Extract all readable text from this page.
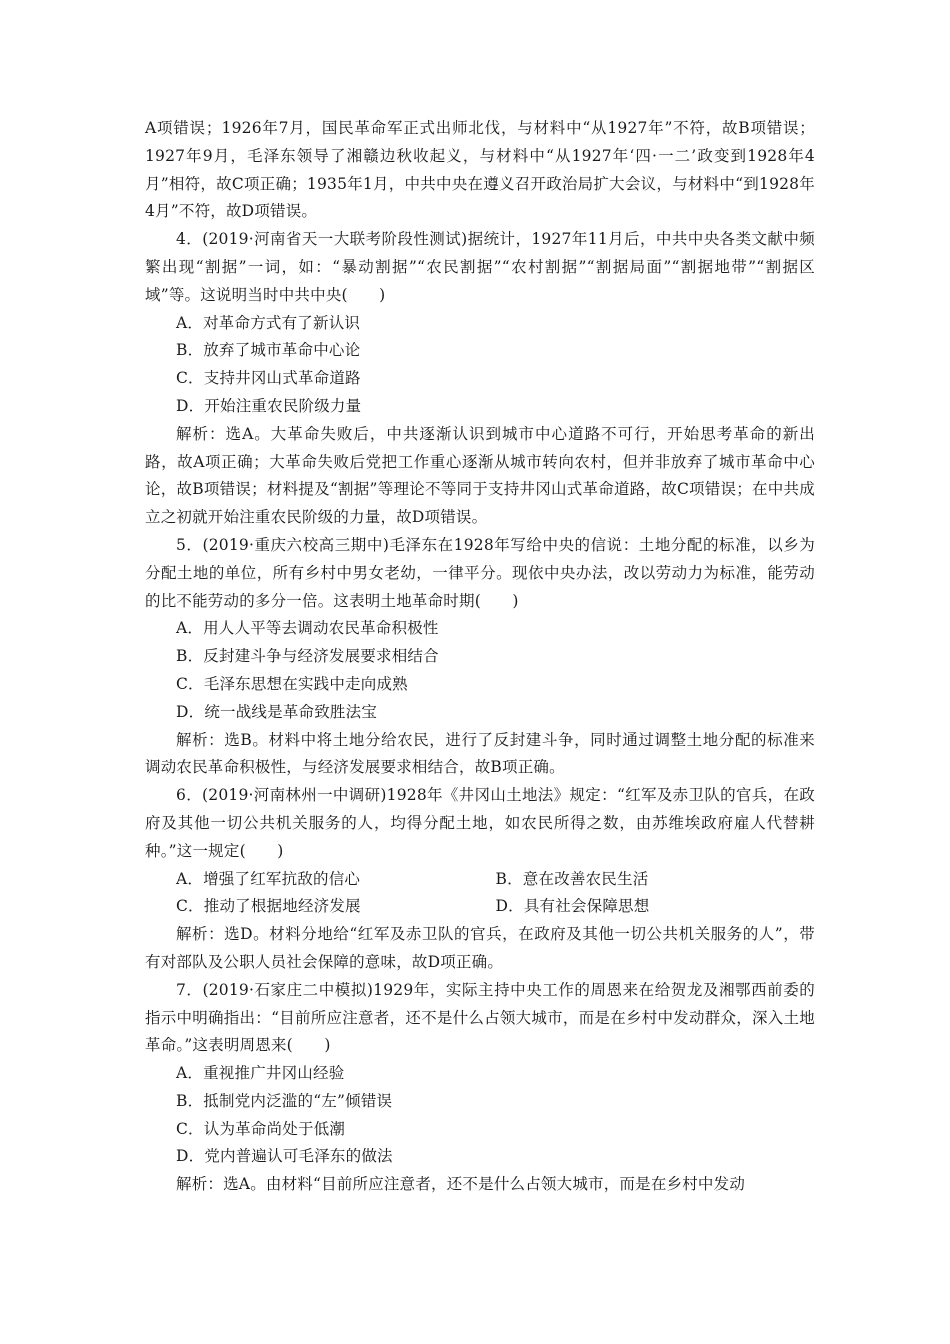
A项错误；1926年7月，国民革命军正式出师北伐，与材料中“从1927年”不符，故B项错误；1927年9月，毛泽东领导了湘赣边秋收起义，与材料中“从1927年‘四·一二’政变到1928年4月”相符，故C项正确；1935年1月，中共中央在遵义召开政治局扩大会议，与材料中“到1928年4月”不符，故D项错误。

4．(2019·河南省天一大联考阶段性测试)据统计，1927年11月后，中共中央各类文献中频繁出现“割据”一词，如：“暴动割据”“农民割据”“农村割据”“割据局面”“割据地带”“割据区域”等。这说明当时中共中央(　　)

A．对革命方式有了新认识

B．放弃了城市革命中心论

C．支持井冈山式革命道路

D．开始注重农民阶级力量

解析：选A。大革命失败后，中共逐渐认识到城市中心道路不可行，开始思考革命的新出路，故A项正确；大革命失败后党把工作重心逐渐从城市转向农村，但并非放弃了城市革命中心论，故B项错误；材料提及“割据”等理论不等同于支持井冈山式革命道路，故C项错误；在中共成立之初就开始注重农民阶级的力量，故D项错误。

5．(2019·重庆六校高三期中)毛泽东在1928年写给中央的信说：土地分配的标准，以乡为分配土地的单位，所有乡村中男女老幼，一律平分。现依中央办法，改以劳动力为标准，能劳动的比不能劳动的多分一倍。这表明土地革命时期(　　)

A．用人人平等去调动农民革命积极性

B．反封建斗争与经济发展要求相结合

C．毛泽东思想在实践中走向成熟

D．统一战线是革命致胜法宝

解析：选B。材料中将土地分给农民，进行了反封建斗争，同时通过调整土地分配的标准来调动农民革命积极性，与经济发展要求相结合，故B项正确。

6．(2019·河南林州一中调研)1928年《井冈山土地法》规定：“红军及赤卫队的官兵，在政府及其他一切公共机关服务的人，均得分配土地，如农民所得之数，由苏维埃政府雇人代替耕种。”这一规定(　　)

A．增强了红军抗敌的信心	B．意在改善农民生活
C．推动了根据地经济发展	D．具有社会保障思想

解析：选D。材料分地给“红军及赤卫队的官兵，在政府及其他一切公共机关服务的人”，带有对部队及公职人员社会保障的意味，故D项正确。

7．(2019·石家庄二中模拟)1929年，实际主持中央工作的周恩来在给贺龙及湘鄂西前委的指示中明确指出：“目前所应注意者，还不是什么占领大城市，而是在乡村中发动群众，深入土地革命。”这表明周恩来(　　)

A．重视推广井冈山经验

B．抵制党内泛滥的“左”倾错误

C．认为革命尚处于低潮

D．党内普遍认可毛泽东的做法

解析：选A。由材料“目前所应注意者，还不是什么占领大城市，而是在乡村中发动
